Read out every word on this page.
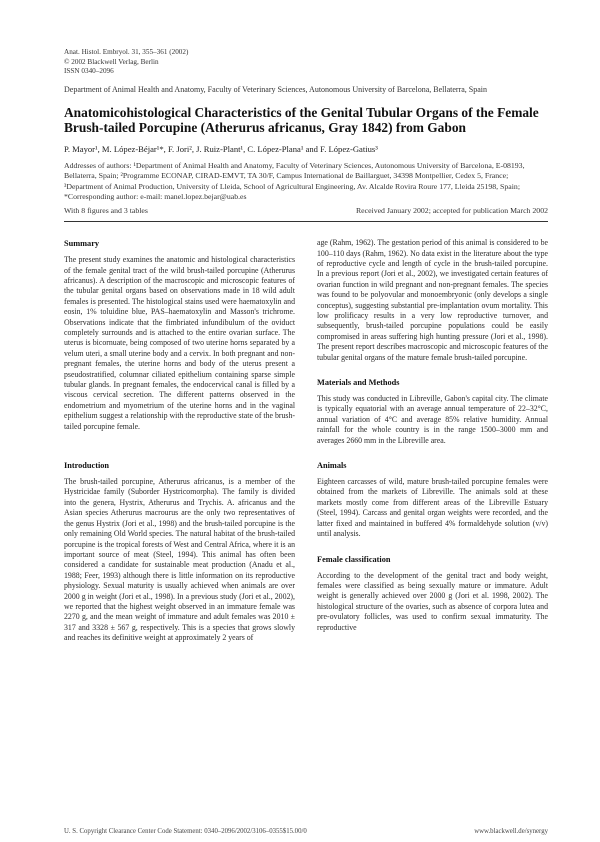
Anat. Histol. Embryol. 31, 355–361 (2002)
© 2002 Blackwell Verlag, Berlin
ISSN 0340–2096
Department of Animal Health and Anatomy, Faculty of Veterinary Sciences, Autonomous University of Barcelona, Bellaterra, Spain
Anatomicohistological Characteristics of the Genital Tubular Organs of the Female Brush-tailed Porcupine (Atherurus africanus, Gray 1842) from Gabon
P. Mayor¹, M. López-Béjar¹*, F. Jori², J. Ruiz-Plant¹, C. López-Plana¹ and F. López-Gatius³
Addresses of authors: ¹Department of Animal Health and Anatomy, Faculty of Veterinary Sciences, Autonomous University of Barcelona, E-08193, Bellaterra, Spain; ²Programme ECONAP, CIRAD-EMVT, TA 30/F, Campus International de Baillarguet, 34398 Montpellier, Cedex 5, France; ³Department of Animal Production, University of Lleida, School of Agricultural Engineering, Av. Alcalde Rovira Roure 177, Lleida 25198, Spain; *Corresponding author: e-mail: manel.lopez.bejar@uab.es
With 8 figures and 3 tables	Received January 2002; accepted for publication March 2002
Summary

The present study examines the anatomic and histological characteristics of the female genital tract of the wild brush-tailed porcupine (Atherurus africanus). A description of the macroscopic and microscopic features of the tubular genital organs based on observations made in 18 wild adult females is presented. The histological stains used were haematoxylin and eosin, 1% toluidine blue, PAS–haematoxylin and Masson's trichrome. Observations indicate that the fimbriated infundibulum of the oviduct completely surrounds and is attached to the entire ovarian surface. The uterus is bicornuate, being composed of two uterine horns separated by a velum uteri, a small uterine body and a cervix. In both pregnant and non-pregnant females, the uterine horns and body of the uterus present a pseudostratified, columnar ciliated epithelium containing sparse simple tubular glands. In pregnant females, the endocervical canal is filled by a viscous cervical secretion. The different patterns observed in the endometrium and myometrium of the uterine horns and in the vaginal epithelium suggest a relationship with the reproductive state of the brush-tailed porcupine female.

Introduction

The brush-tailed porcupine, Atherurus africanus, is a member of the Hystricidae family (Suborder Hystricomorpha). The family is divided into the genera, Hystrix, Atherurus and Trychis. A. africanus and the Asian species Atherurus macrourus are the only two representatives of the genus Hystrix (Jori et al., 1998) and the brush-tailed porcupine is the only remaining Old World species. The natural habitat of the brush-tailed porcupine is the tropical forests of West and Central Africa, where it is an important source of meat (Steel, 1994). This animal has often been considered a candidate for sustainable meat production (Anadu et al., 1988; Feer, 1993) although there is little information on its reproductive physiology. Sexual maturity is usually achieved when animals are over 2000 g in weight (Jori et al., 1998). In a previous study (Jori et al., 2002), we reported that the highest weight observed in an immature female was 2270 g, and the mean weight of immature and adult females was 2010 ± 317 and 3328 ± 567 g, respectively. This is a species that grows slowly and reaches its definitive weight at approximately 2 years of

age (Rahm, 1962). The gestation period of this animal is considered to be 100–110 days (Rahm, 1962). No data exist in the literature about the type of reproductive cycle and length of cycle in the brush-tailed porcupine. In a previous report (Jori et al., 2002), we investigated certain features of ovarian function in wild pregnant and non-pregnant females. The species was found to be polyovular and monoembryonic (only develops a single conceptus), suggesting substantial pre-implantation ovum mortality. This low prolificacy results in a very low reproductive turnover, and subsequently, brush-tailed porcupine populations could be easily compromised in areas suffering high hunting pressure (Jori et al., 1998). The present report describes macroscopic and microscopic features of the tubular genital organs of the mature female brush-tailed porcupine.

Materials and Methods

This study was conducted in Libreville, Gabon's capital city. The climate is typically equatorial with an average annual temperature of 22–32°C, annual variation of 4°C and average 85% relative humidity. Annual rainfall for the whole country is in the range 1500–3000 mm and averages 2660 mm in the Libreville area.

Animals

Eighteen carcasses of wild, mature brush-tailed porcupine females were obtained from the markets of Libreville. The animals sold at these markets mostly come from different areas of the Libreville Estuary (Steel, 1994). Carcass and genital organ weights were recorded, and the latter fixed and maintained in buffered 4% formaldehyde solution (v/v) until analysis.

Female classification

According to the development of the genital tract and body weight, females were classified as being sexually mature or immature. Adult weight is generally achieved over 2000 g (Jori et al. 1998, 2002). The histological structure of the ovaries, such as absence of corpora lutea and pre-ovulatory follicles, was used to confirm sexual immaturity. The reproductive

U. S. Copyright Clearance Center Code Statement: 0340–2096/2002/3106–0355$15.00/0	www.blackwell.de/synergy
